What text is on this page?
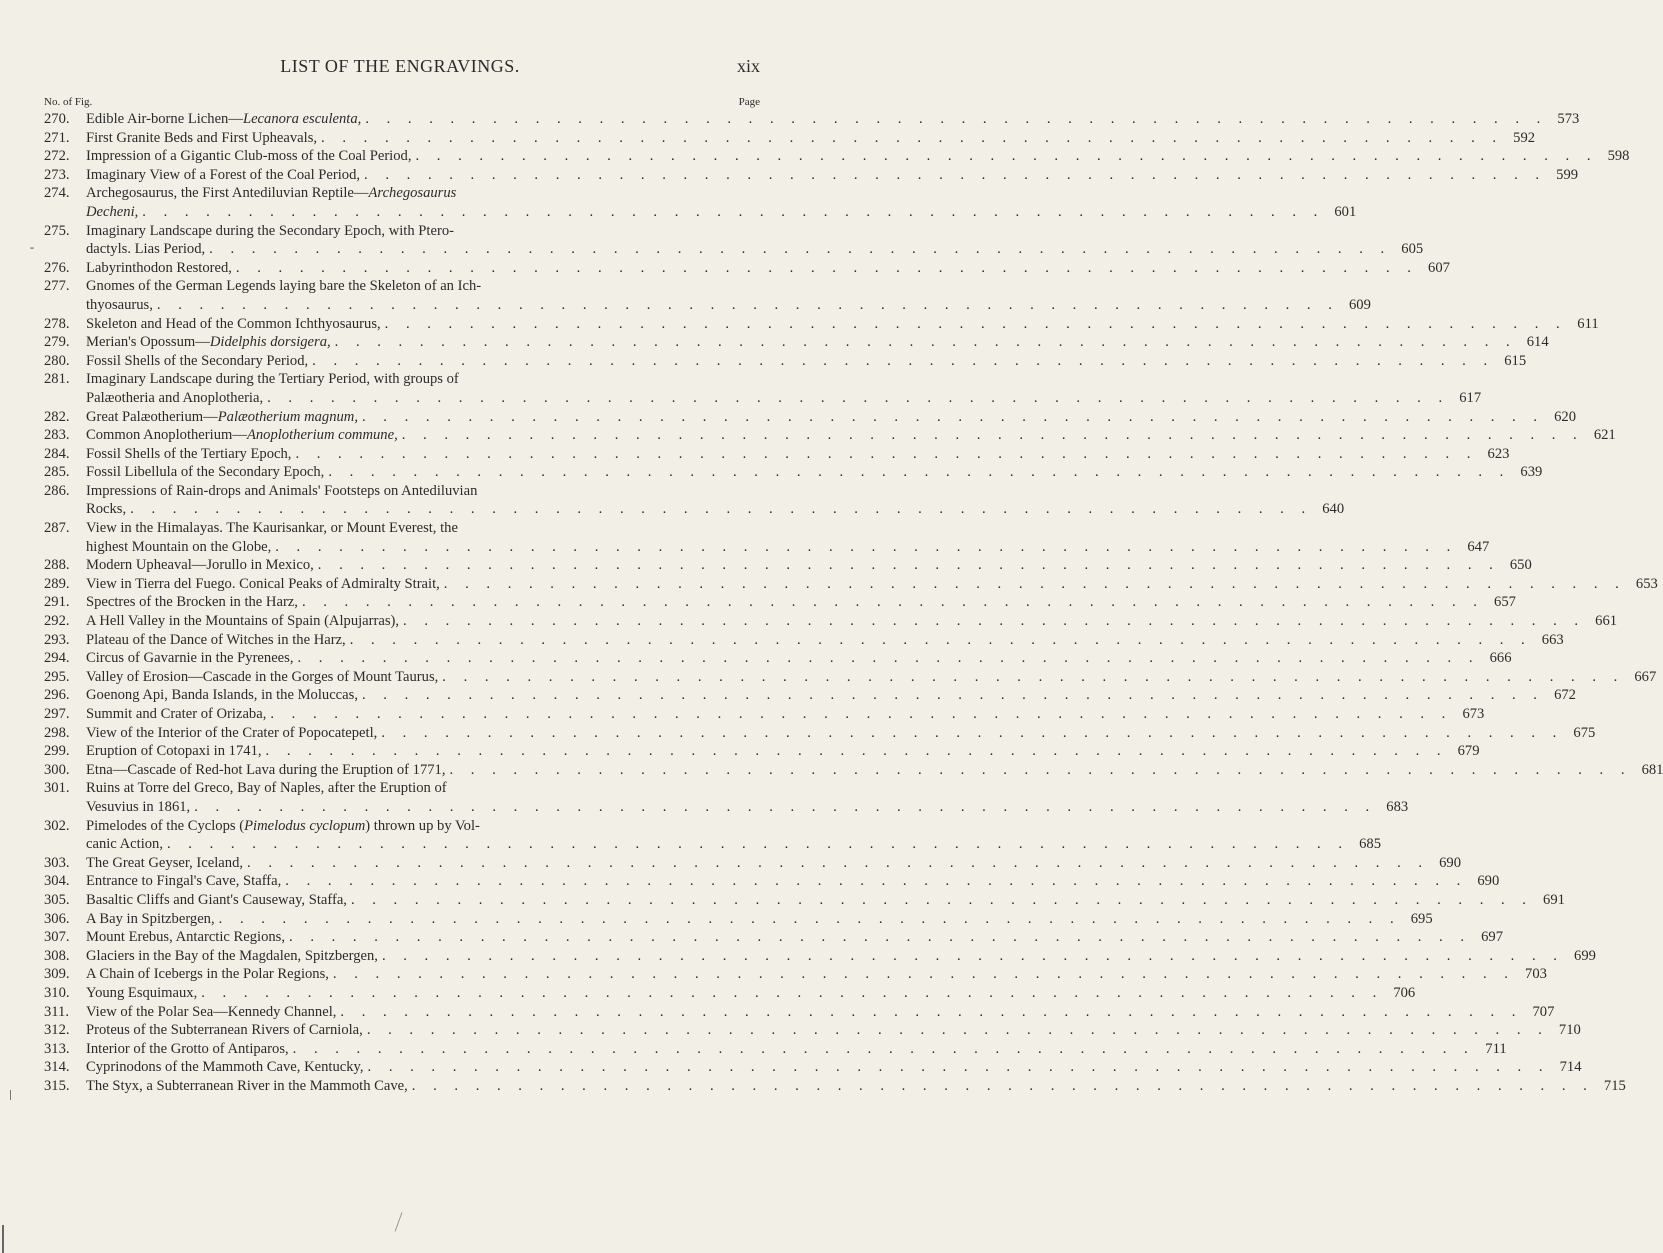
LIST OF THE ENGRAVINGS.	xix
No. of Fig.	Page
-
270.	Edible Air-borne Lichen—Lecanora esculenta, . . . . . . . . . . . . . . . . . . . . . . . . . . . . . . . . . . . . . . . . . . . . . . . . . . . . . . . . 573
271.	First Granite Beds and First Upheavals, . . . . . . . . . . . . . . . . . . . . . . . . . . . . . . . . . . . . . . . . . . . . . . . . . . . . . . . . 592
272.	Impression of a Gigantic Club-moss of the Coal Period, . . . . . . . . . . . . . . . . . . . . . . . . . . . . . . . . . . . . . . . . . . . . . . . . . . . . . . . . 598
273.	Imaginary View of a Forest of the Coal Period, . . . . . . . . . . . . . . . . . . . . . . . . . . . . . . . . . . . . . . . . . . . . . . . . . . . . . . . . 599
274.	Archegosaurus, the First Antediluvian Reptile—Archegosaurus
Decheni, . . . . . . . . . . . . . . . . . . . . . . . . . . . . . . . . . . . . . . . . . . . . . . . . . . . . . . . . 601
275.	Imaginary Landscape during the Secondary Epoch, with Ptero-
dactyls. Lias Period, . . . . . . . . . . . . . . . . . . . . . . . . . . . . . . . . . . . . . . . . . . . . . . . . . . . . . . . . 605
276.	Labyrinthodon Restored, . . . . . . . . . . . . . . . . . . . . . . . . . . . . . . . . . . . . . . . . . . . . . . . . . . . . . . . . 607
277.	Gnomes of the German Legends laying bare the Skeleton of an Ich-
thyosaurus, . . . . . . . . . . . . . . . . . . . . . . . . . . . . . . . . . . . . . . . . . . . . . . . . . . . . . . . . 609
278.	Skeleton and Head of the Common Ichthyosaurus, . . . . . . . . . . . . . . . . . . . . . . . . . . . . . . . . . . . . . . . . . . . . . . . . . . . . . . . . 611
279.	Merian's Opossum—Didelphis dorsigera, . . . . . . . . . . . . . . . . . . . . . . . . . . . . . . . . . . . . . . . . . . . . . . . . . . . . . . . . 614
280.	Fossil Shells of the Secondary Period, . . . . . . . . . . . . . . . . . . . . . . . . . . . . . . . . . . . . . . . . . . . . . . . . . . . . . . . . 615
281.	Imaginary Landscape during the Tertiary Period, with groups of
Palæotheria and Anoplotheria, . . . . . . . . . . . . . . . . . . . . . . . . . . . . . . . . . . . . . . . . . . . . . . . . . . . . . . . . 617
282.	Great Palæotherium—Palæotherium magnum, . . . . . . . . . . . . . . . . . . . . . . . . . . . . . . . . . . . . . . . . . . . . . . . . . . . . . . . . 620
283.	Common Anoplotherium—Anoplotherium commune, . . . . . . . . . . . . . . . . . . . . . . . . . . . . . . . . . . . . . . . . . . . . . . . . . . . . . . . . 621
284.	Fossil Shells of the Tertiary Epoch, . . . . . . . . . . . . . . . . . . . . . . . . . . . . . . . . . . . . . . . . . . . . . . . . . . . . . . . . 623
285.	Fossil Libellula of the Secondary Epoch, . . . . . . . . . . . . . . . . . . . . . . . . . . . . . . . . . . . . . . . . . . . . . . . . . . . . . . . . 639
286.	Impressions of Rain-drops and Animals' Footsteps on Antediluvian
Rocks, . . . . . . . . . . . . . . . . . . . . . . . . . . . . . . . . . . . . . . . . . . . . . . . . . . . . . . . . 640
287.	View in the Himalayas. The Kaurisankar, or Mount Everest, the
highest Mountain on the Globe, . . . . . . . . . . . . . . . . . . . . . . . . . . . . . . . . . . . . . . . . . . . . . . . . . . . . . . . . 647
288.	Modern Upheaval—Jorullo in Mexico, . . . . . . . . . . . . . . . . . . . . . . . . . . . . . . . . . . . . . . . . . . . . . . . . . . . . . . . . 650
289.	View in Tierra del Fuego. Conical Peaks of Admiralty Strait, . . . . . . . . . . . . . . . . . . . . . . . . . . . . . . . . . . . . . . . . . . . . . . . . . . . . . . . . 653
291.	Spectres of the Brocken in the Harz, . . . . . . . . . . . . . . . . . . . . . . . . . . . . . . . . . . . . . . . . . . . . . . . . . . . . . . . . 657
292.	A Hell Valley in the Mountains of Spain (Alpujarras), . . . . . . . . . . . . . . . . . . . . . . . . . . . . . . . . . . . . . . . . . . . . . . . . . . . . . . . . 661
293.	Plateau of the Dance of Witches in the Harz, . . . . . . . . . . . . . . . . . . . . . . . . . . . . . . . . . . . . . . . . . . . . . . . . . . . . . . . . 663
294.	Circus of Gavarnie in the Pyrenees, . . . . . . . . . . . . . . . . . . . . . . . . . . . . . . . . . . . . . . . . . . . . . . . . . . . . . . . . 666
295.	Valley of Erosion—Cascade in the Gorges of Mount Taurus, . . . . . . . . . . . . . . . . . . . . . . . . . . . . . . . . . . . . . . . . . . . . . . . . . . . . . . . . 667
296.	Goenong Api, Banda Islands, in the Moluccas, . . . . . . . . . . . . . . . . . . . . . . . . . . . . . . . . . . . . . . . . . . . . . . . . . . . . . . . . 672
297.	Summit and Crater of Orizaba, . . . . . . . . . . . . . . . . . . . . . . . . . . . . . . . . . . . . . . . . . . . . . . . . . . . . . . . . 673
298.	View of the Interior of the Crater of Popocatepetl, . . . . . . . . . . . . . . . . . . . . . . . . . . . . . . . . . . . . . . . . . . . . . . . . . . . . . . . . 675
299.	Eruption of Cotopaxi in 1741, . . . . . . . . . . . . . . . . . . . . . . . . . . . . . . . . . . . . . . . . . . . . . . . . . . . . . . . . 679
300.	Etna—Cascade of Red-hot Lava during the Eruption of 1771, . . . . . . . . . . . . . . . . . . . . . . . . . . . . . . . . . . . . . . . . . . . . . . . . . . . . . . . . 681
301.	Ruins at Torre del Greco, Bay of Naples, after the Eruption of
Vesuvius in 1861, . . . . . . . . . . . . . . . . . . . . . . . . . . . . . . . . . . . . . . . . . . . . . . . . . . . . . . . . 683
302.	Pimelodes of the Cyclops (Pimelodus cyclopum) thrown up by Vol-
canic Action, . . . . . . . . . . . . . . . . . . . . . . . . . . . . . . . . . . . . . . . . . . . . . . . . . . . . . . . . 685
303.	The Great Geyser, Iceland, . . . . . . . . . . . . . . . . . . . . . . . . . . . . . . . . . . . . . . . . . . . . . . . . . . . . . . . . 690
304.	Entrance to Fingal's Cave, Staffa, . . . . . . . . . . . . . . . . . . . . . . . . . . . . . . . . . . . . . . . . . . . . . . . . . . . . . . . . 690
305.	Basaltic Cliffs and Giant's Causeway, Staffa, . . . . . . . . . . . . . . . . . . . . . . . . . . . . . . . . . . . . . . . . . . . . . . . . . . . . . . . . 691
306.	A Bay in Spitzbergen, . . . . . . . . . . . . . . . . . . . . . . . . . . . . . . . . . . . . . . . . . . . . . . . . . . . . . . . . 695
307.	Mount Erebus, Antarctic Regions, . . . . . . . . . . . . . . . . . . . . . . . . . . . . . . . . . . . . . . . . . . . . . . . . . . . . . . . . 697
308.	Glaciers in the Bay of the Magdalen, Spitzbergen, . . . . . . . . . . . . . . . . . . . . . . . . . . . . . . . . . . . . . . . . . . . . . . . . . . . . . . . . 699
309.	A Chain of Icebergs in the Polar Regions, . . . . . . . . . . . . . . . . . . . . . . . . . . . . . . . . . . . . . . . . . . . . . . . . . . . . . . . . 703
310.	Young Esquimaux, . . . . . . . . . . . . . . . . . . . . . . . . . . . . . . . . . . . . . . . . . . . . . . . . . . . . . . . . 706
311.	View of the Polar Sea—Kennedy Channel, . . . . . . . . . . . . . . . . . . . . . . . . . . . . . . . . . . . . . . . . . . . . . . . . . . . . . . . . 707
312.	Proteus of the Subterranean Rivers of Carniola, . . . . . . . . . . . . . . . . . . . . . . . . . . . . . . . . . . . . . . . . . . . . . . . . . . . . . . . . 710
313.	Interior of the Grotto of Antiparos, . . . . . . . . . . . . . . . . . . . . . . . . . . . . . . . . . . . . . . . . . . . . . . . . . . . . . . . . 711
314.	Cyprinodons of the Mammoth Cave, Kentucky, . . . . . . . . . . . . . . . . . . . . . . . . . . . . . . . . . . . . . . . . . . . . . . . . . . . . . . . . 714
315.	The Styx, a Subterranean River in the Mammoth Cave, . . . . . . . . . . . . . . . . . . . . . . . . . . . . . . . . . . . . . . . . . . . . . . . . . . . . . . . . 715
